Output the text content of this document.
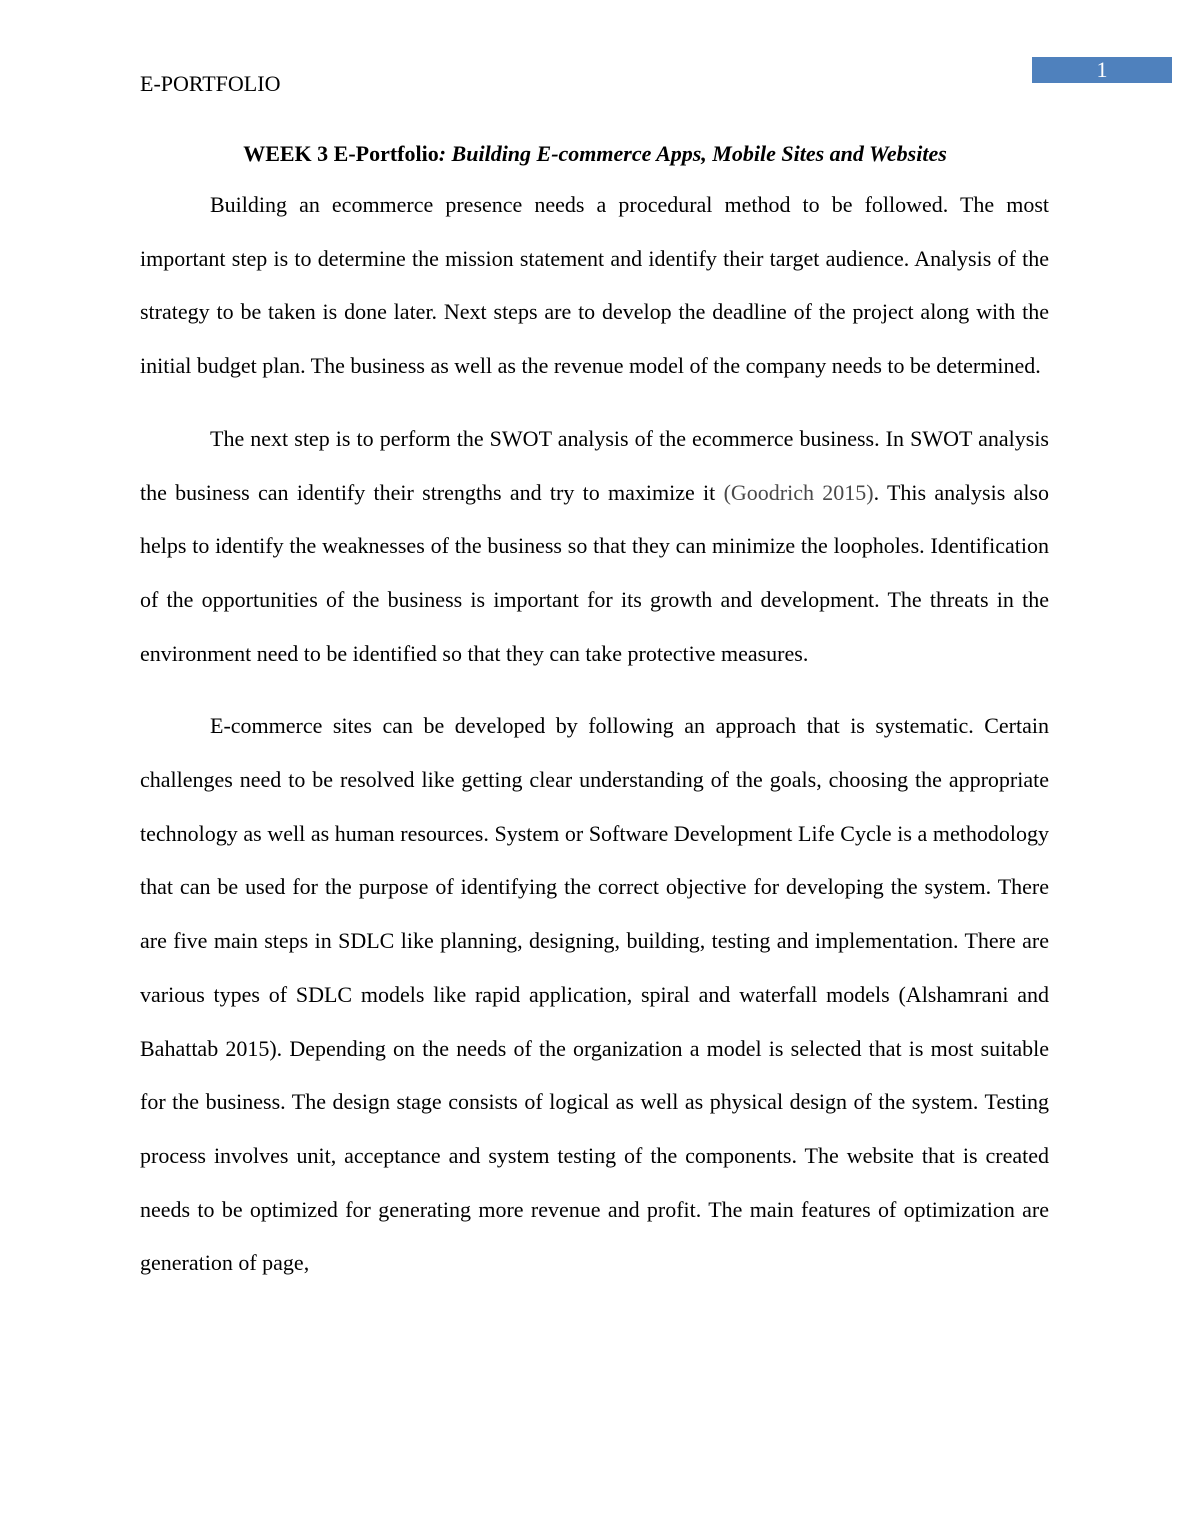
1
E-PORTFOLIO
WEEK 3 E-Portfolio: Building E-commerce Apps, Mobile Sites and Websites

Building an ecommerce presence needs a procedural method to be followed. The most important step is to determine the mission statement and identify their target audience. Analysis of the strategy to be taken is done later. Next steps are to develop the deadline of the project along with the initial budget plan. The business as well as the revenue model of the company needs to be determined.

The next step is to perform the SWOT analysis of the ecommerce business. In SWOT analysis the business can identify their strengths and try to maximize it (Goodrich 2015). This analysis also helps to identify the weaknesses of the business so that they can minimize the loopholes. Identification of the opportunities of the business is important for its growth and development. The threats in the environment need to be identified so that they can take protective measures.

E-commerce sites can be developed by following an approach that is systematic. Certain challenges need to be resolved like getting clear understanding of the goals, choosing the appropriate technology as well as human resources. System or Software Development Life Cycle is a methodology that can be used for the purpose of identifying the correct objective for developing the system. There are five main steps in SDLC like planning, designing, building, testing and implementation. There are various types of SDLC models like rapid application, spiral and waterfall models (Alshamrani and Bahattab 2015). Depending on the needs of the organization a model is selected that is most suitable for the business. The design stage consists of logical as well as physical design of the system. Testing process involves unit, acceptance and system testing of the components. The website that is created needs to be optimized for generating more revenue and profit. The main features of optimization are generation of page,
